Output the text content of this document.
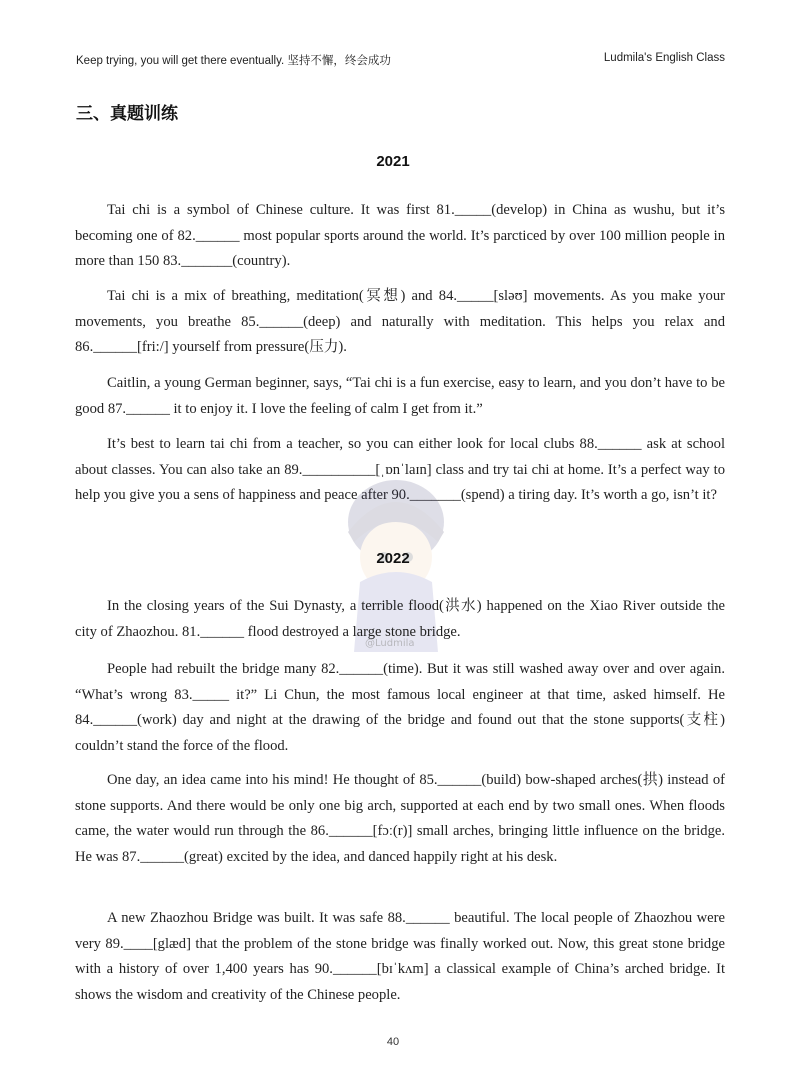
Keep trying, you will get there eventually. 坚持不懈，终会成功	Ludmila's English Class
三、真题训练
2021

Tai chi is a symbol of Chinese culture. It was first 81._____(develop) in China as wushu, but it’s becoming one of 82.______ most popular sports around the world. It’s parcticed by over 100 million people in more than 150 83._______(country).

Tai chi is a mix of breathing, meditation(冥想) and 84._____[sləʊ] movements. As you make your movements, you breathe 85.______(deep) and naturally with meditation. This helps you relax and 86.______[fri:/] yourself from pressure(压力).

Caitlin, a young German beginner, says, “Tai chi is a fun exercise, easy to learn, and you don’t have to be good 87.______ it to enjoy it. I love the feeling of calm I get from it.”

It’s best to learn tai chi from a teacher, so you can either look for local clubs 88.______ ask at school about classes. You can also take an 89.__________[ˌɒnˈlaɪn] class and try tai chi at home. It’s a perfect way to help you give you a sens of happiness and peace after 90._______(spend) a tiring day. It’s worth a go, isn’t it?

@Ludmila
2022

In the closing years of the Sui Dynasty, a terrible flood(洪水) happened on the Xiao River outside the city of Zhaozhou. 81.______ flood destroyed a large stone bridge.

People had rebuilt the bridge many 82.______(time). But it was still washed away over and over again. “What’s wrong 83._____ it?” Li Chun, the most famous local engineer at that time, asked himself. He 84.______(work) day and night at the drawing of the bridge and found out that the stone supports(支柱) couldn’t stand the force of the flood.

One day, an idea came into his mind! He thought of 85.______(build) bow-shaped arches(拱) instead of stone supports. And there would be only one big arch, supported at each end by two small ones. When floods came, the water would run through the 86.______[fɔː(r)] small arches, bringing little influence on the bridge. He was 87.______(great) excited by the idea, and danced happily right at his desk.

A new Zhaozhou Bridge was built. It was safe 88.______ beautiful. The local people of Zhaozhou were very 89.____[glæd] that the problem of the stone bridge was finally worked out. Now, this great stone bridge with a history of over 1,400 years has 90.______[bɪˈkʌm] a classical example of China’s arched bridge. It shows the wisdom and creativity of the Chinese people.

40
